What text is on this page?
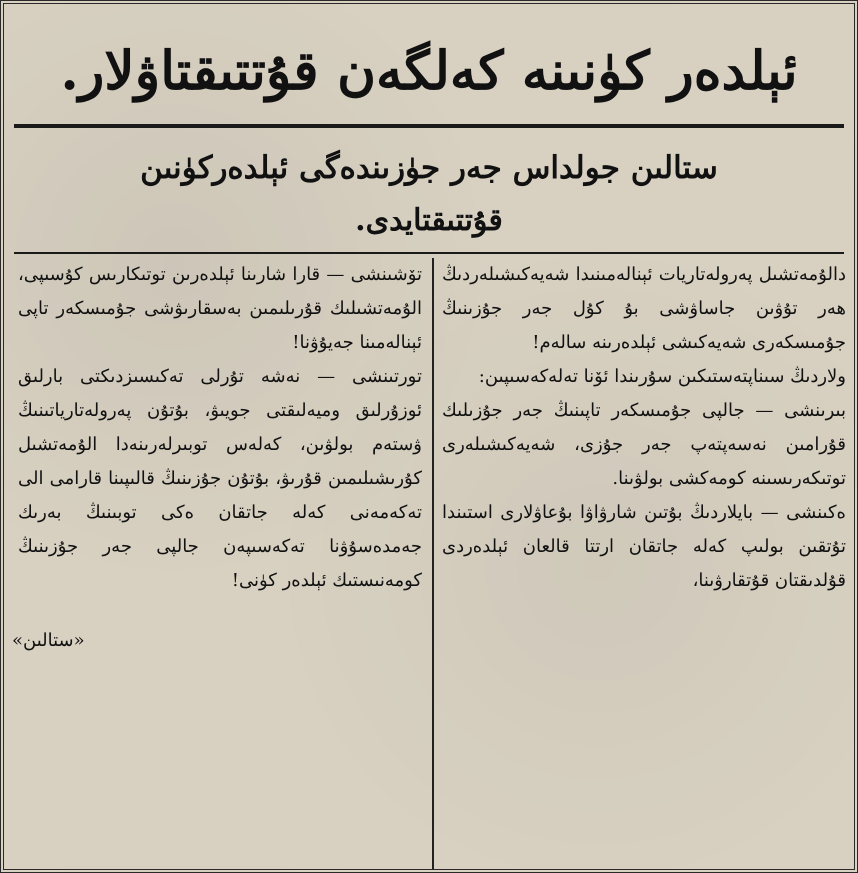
ئېلدەر كۈنىنە كەلگەن قۇتتىقتاۋلار.
ستالىن جولداس جەر جۈزىندەگى ئېلدەركۈنىن
قۇتتىقتايدى.

تۆشىنشى — قارا شارىنا ئېلدەرىن توتىكارىس كۇسىپى، الۇمەتشىلىك قۇرىلىمىن بەسقارىۋشى جۇمىسكەر تاپى ئېنالەمىنا جەيۇۋنا!

تورتىنشى — نەشە تۇرلى تەكىسىزدىكتى بارلىق ئوزۇرلىق وميەلىقتى جويىۋ، بۇتۇن پەرولەتارياتىنىڭ ۋستەم بولۋىن، كەلەس توبىرلەرىنەدا الۇمەتشىل كۇرىشىلىمىن قۇرىۋ، بۇتۇن جۇزىنىڭ قالىپىنا قارامى الى تەكەمەنى كەلە جاتقان ەكى توبىنىڭ بەرىك جەمدەسۇۋنا تەكەسىپەن جالپى جەر جۇزىنىڭ كومەنىستىك ئېلدەر كۈنى!

«ستالىن»

دالۇمەتشىل پەرولەتاريات ئېنالەمىنىدا شەيەكىشىلەردىڭ ھەر تۇۋىن جاساۋشى بۇ كۇل جەر جۇزىنىڭ جۇمىسكەرى شەيەكىشى ئېلدەرىنە سالەم!

ولاردىڭ سىناپتەستىكىن سۇرىندا ئۆنا تەلەكەسىپىن:

بىرىنشى — جالپى جۇمىسكەر تاپىنىڭ جەر جۇزىلىك قۇرامىن نەسەپتەپ جەر جۇزى، شەيەكىشىلەرى توتىكەرىسىنە كومەكشى بولۋىنا.

ەكىنشى — بايلاردىڭ بۇتىن شارۋاۋا بۇعاۋلارى استىندا تۇتقىن بولىپ كەلە جاتقان ارتتا قالعان ئېلدەردى قۇلدىقتان قۇتقارۋىنا،
